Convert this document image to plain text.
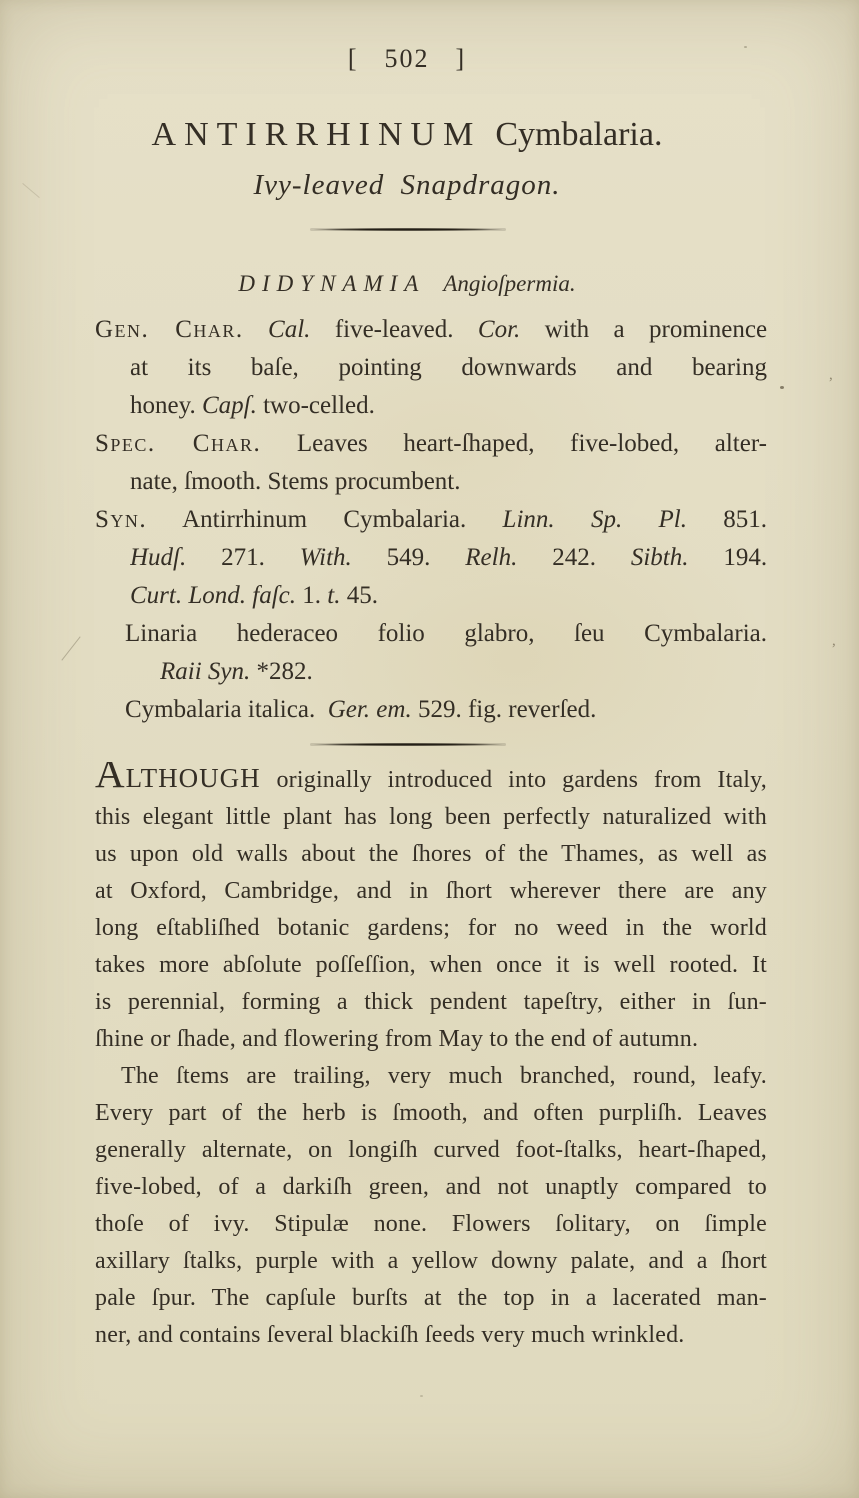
[ 502 ]
ANTIRRHINUM Cymbalaria.
Ivy-leaved Snapdragon.
DIDYNAMIA Angioſpermia.
Gen. Char. Cal. five-leaved. Cor. with a prominence
at its baſe, pointing downwards and bearing
honey. Capſ. two-celled.
Spec. Char. Leaves heart-ſhaped, five-lobed, alter-
nate, ſmooth. Stems procumbent.
Syn. Antirrhinum Cymbalaria. Linn. Sp. Pl. 851.
Hudſ. 271. With. 549. Relh. 242. Sibth. 194.
Curt. Lond. faſc. 1. t. 45.
Linaria hederaceo folio glabro, ſeu Cymbalaria.
Raii Syn. *282.
Cymbalaria italica. Ger. em. 529. fig. reverſed.
ALTHOUGH originally introduced into gardens from Italy,
this elegant little plant has long been perfectly naturalized with
us upon old walls about the ſhores of the Thames, as well as
at Oxford, Cambridge, and in ſhort wherever there are any
long eſtabliſhed botanic gardens; for no weed in the world
takes more abſolute poſſeſſion, when once it is well rooted. It
is perennial, forming a thick pendent tapeſtry, either in ſun-
ſhine or ſhade, and flowering from May to the end of autumn.
The ſtems are trailing, very much branched, round, leafy.
Every part of the herb is ſmooth, and often purpliſh. Leaves
generally alternate, on longiſh curved foot-ſtalks, heart-ſhaped,
five-lobed, of a darkiſh green, and not unaptly compared to
thoſe of ivy. Stipulæ none. Flowers ſolitary, on ſimple
axillary ſtalks, purple with a yellow downy palate, and a ſhort
pale ſpur. The capſule burſts at the top in a lacerated man-
ner, and contains ſeveral blackiſh ſeeds very much wrinkled.
,
,
